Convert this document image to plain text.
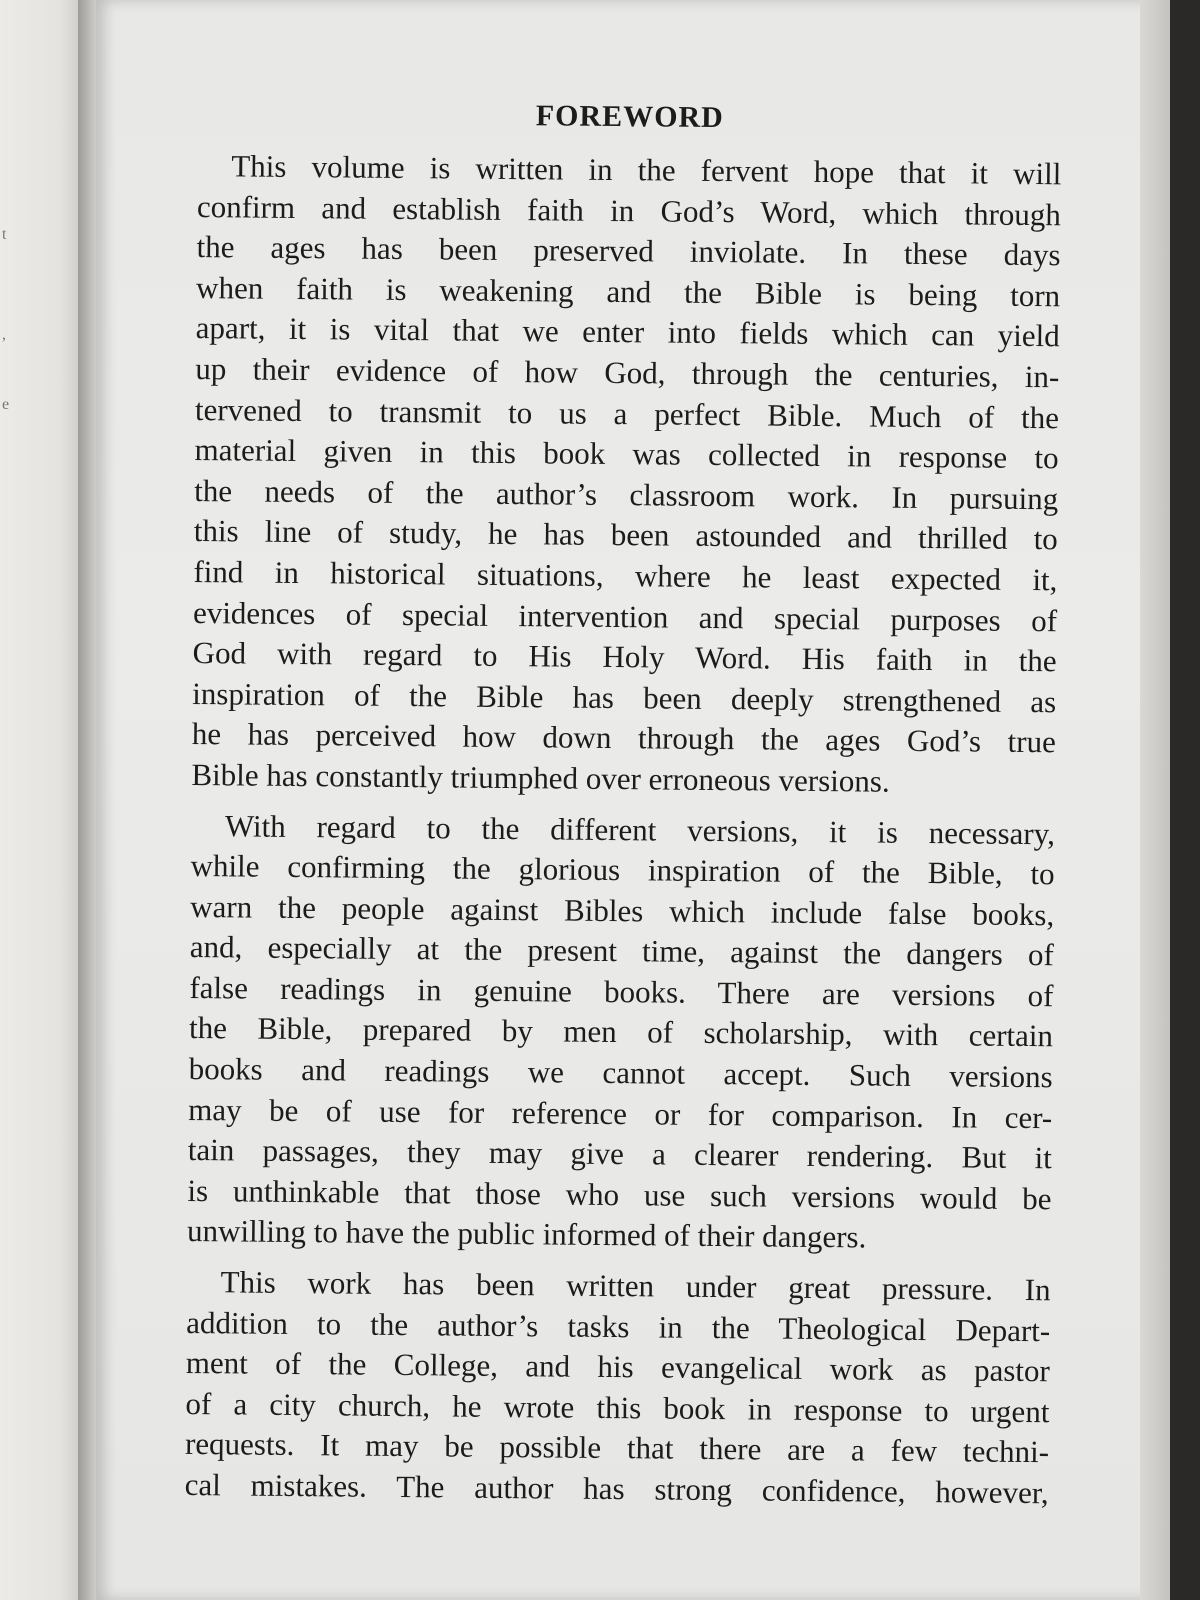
t
,
e
FOREWORD
This volume is written in the fervent hope that it will
confirm and establish faith in God’s Word, which through
the ages has been preserved inviolate. In these days
when faith is weakening and the Bible is being torn
apart, it is vital that we enter into fields which can yield
up their evidence of how God, through the centuries, in-
tervened to transmit to us a perfect Bible. Much of the
material given in this book was collected in response to
the needs of the author’s classroom work. In pursuing
this line of study, he has been astounded and thrilled to
find in historical situations, where he least expected it,
evidences of special intervention and special purposes of
God with regard to His Holy Word. His faith in the
inspiration of the Bible has been deeply strengthened as
he has perceived how down through the ages God’s true
Bible has constantly triumphed over erroneous versions.
With regard to the different versions, it is necessary,
while confirming the glorious inspiration of the Bible, to
warn the people against Bibles which include false books,
and, especially at the present time, against the dangers of
false readings in genuine books. There are versions of
the Bible, prepared by men of scholarship, with certain
books and readings we cannot accept. Such versions
may be of use for reference or for comparison. In cer-
tain passages, they may give a clearer rendering. But it
is unthinkable that those who use such versions would be
unwilling to have the public informed of their dangers.
This work has been written under great pressure. In
addition to the author’s tasks in the Theological Depart-
ment of the College, and his evangelical work as pastor
of a city church, he wrote this book in response to urgent
requests. It may be possible that there are a few techni-
cal mistakes. The author has strong confidence, however,
